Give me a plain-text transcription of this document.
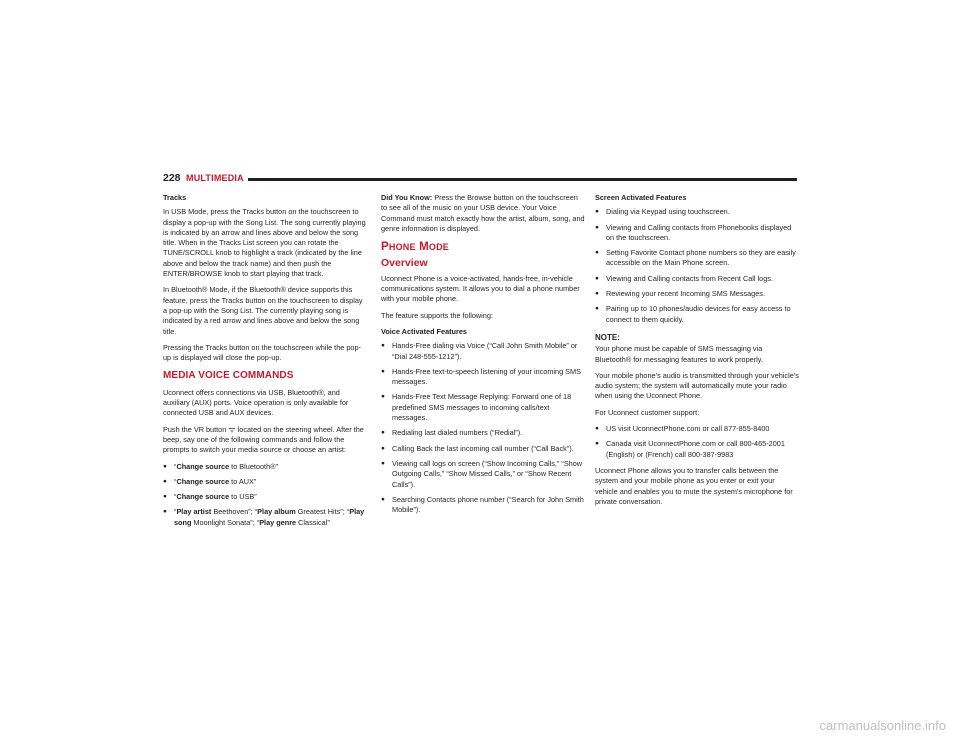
228 MULTIMEDIA

Tracks

In USB Mode, press the Tracks button on the touchscreen to display a pop-up with the Song List. The song currently playing is indicated by an arrow and lines above and below the song title. When in the Tracks List screen you can rotate the TUNE/SCROLL knob to highlight a track (indicated by the line above and below the track name) and then push the ENTER/BROWSE knob to start playing that track.

In Bluetooth® Mode, if the Bluetooth® device supports this feature, press the Tracks button on the touchscreen to display a pop-up with the Song List. The currently playing song is indicated by a red arrow and lines above and below the song title.

Pressing the Tracks button on the touchscreen while the pop-up is displayed will close the pop-up.

MEDIA VOICE COMMANDS

Uconnect offers connections via USB, Bluetooth®, and auxiliary (AUX) ports. Voice operation is only available for connected USB and AUX devices.

Push the VR button ᯤ located on the steering wheel. After the beep, say one of the following commands and follow the prompts to switch your media source or choose an artist:

● “Change source to Bluetooth®”
● “Change source to AUX”
● “Change source to USB”
● “Play artist Beethoven”; “Play album Greatest Hits”; “Play song Moonlight Sonata”; “Play genre Classical”

Did You Know: Press the Browse button on the touchscreen to see all of the music on your USB device. Your Voice Command must match exactly how the artist, album, song, and genre information is displayed.

PHONE MODE
Overview

Uconnect Phone is a voice-activated, hands-free, in-vehicle communications system. It allows you to dial a phone number with your mobile phone.

The feature supports the following:

Voice Activated Features

● Hands-Free dialing via Voice (“Call John Smith Mobile” or “Dial 248-555-1212”).
● Hands-Free text-to-speech listening of your incoming SMS messages.
● Hands-Free Text Message Replying: Forward one of 18 predefined SMS messages to incoming calls/text messages.
● Redialing last dialed numbers (“Redial”).
● Calling Back the last incoming call number (“Call Back”).
● Viewing call logs on screen (“Show Incoming Calls,” “Show Outgoing Calls,” “Show Missed Calls,” or “Show Recent Calls”).
● Searching Contacts phone number (“Search for John Smith Mobile”).

Screen Activated Features

● Dialing via Keypad using touchscreen.
● Viewing and Calling contacts from Phonebooks displayed on the touchscreen.
● Setting Favorite Contact phone numbers so they are easily accessible on the Main Phone screen.
● Viewing and Calling contacts from Recent Call logs.
● Reviewing your recent Incoming SMS Messages.
● Pairing up to 10 phones/audio devices for easy access to connect to them quickly.
NOTE:

Your phone must be capable of SMS messaging via Bluetooth® for messaging features to work properly.

Your mobile phone’s audio is transmitted through your vehicle’s audio system; the system will automatically mute your radio when using the Uconnect Phone.

For Uconnect customer support:

● US visit UconnectPhone.com or call 877-855-8400
● Canada visit UconnectPhone.com or call 800-465-2001 (English) or (French) call 800-387-9983

Uconnect Phone allows you to transfer calls between the system and your mobile phone as you enter or exit your vehicle and enables you to mute the system's microphone for private conversation.

carmanualsonline.info
